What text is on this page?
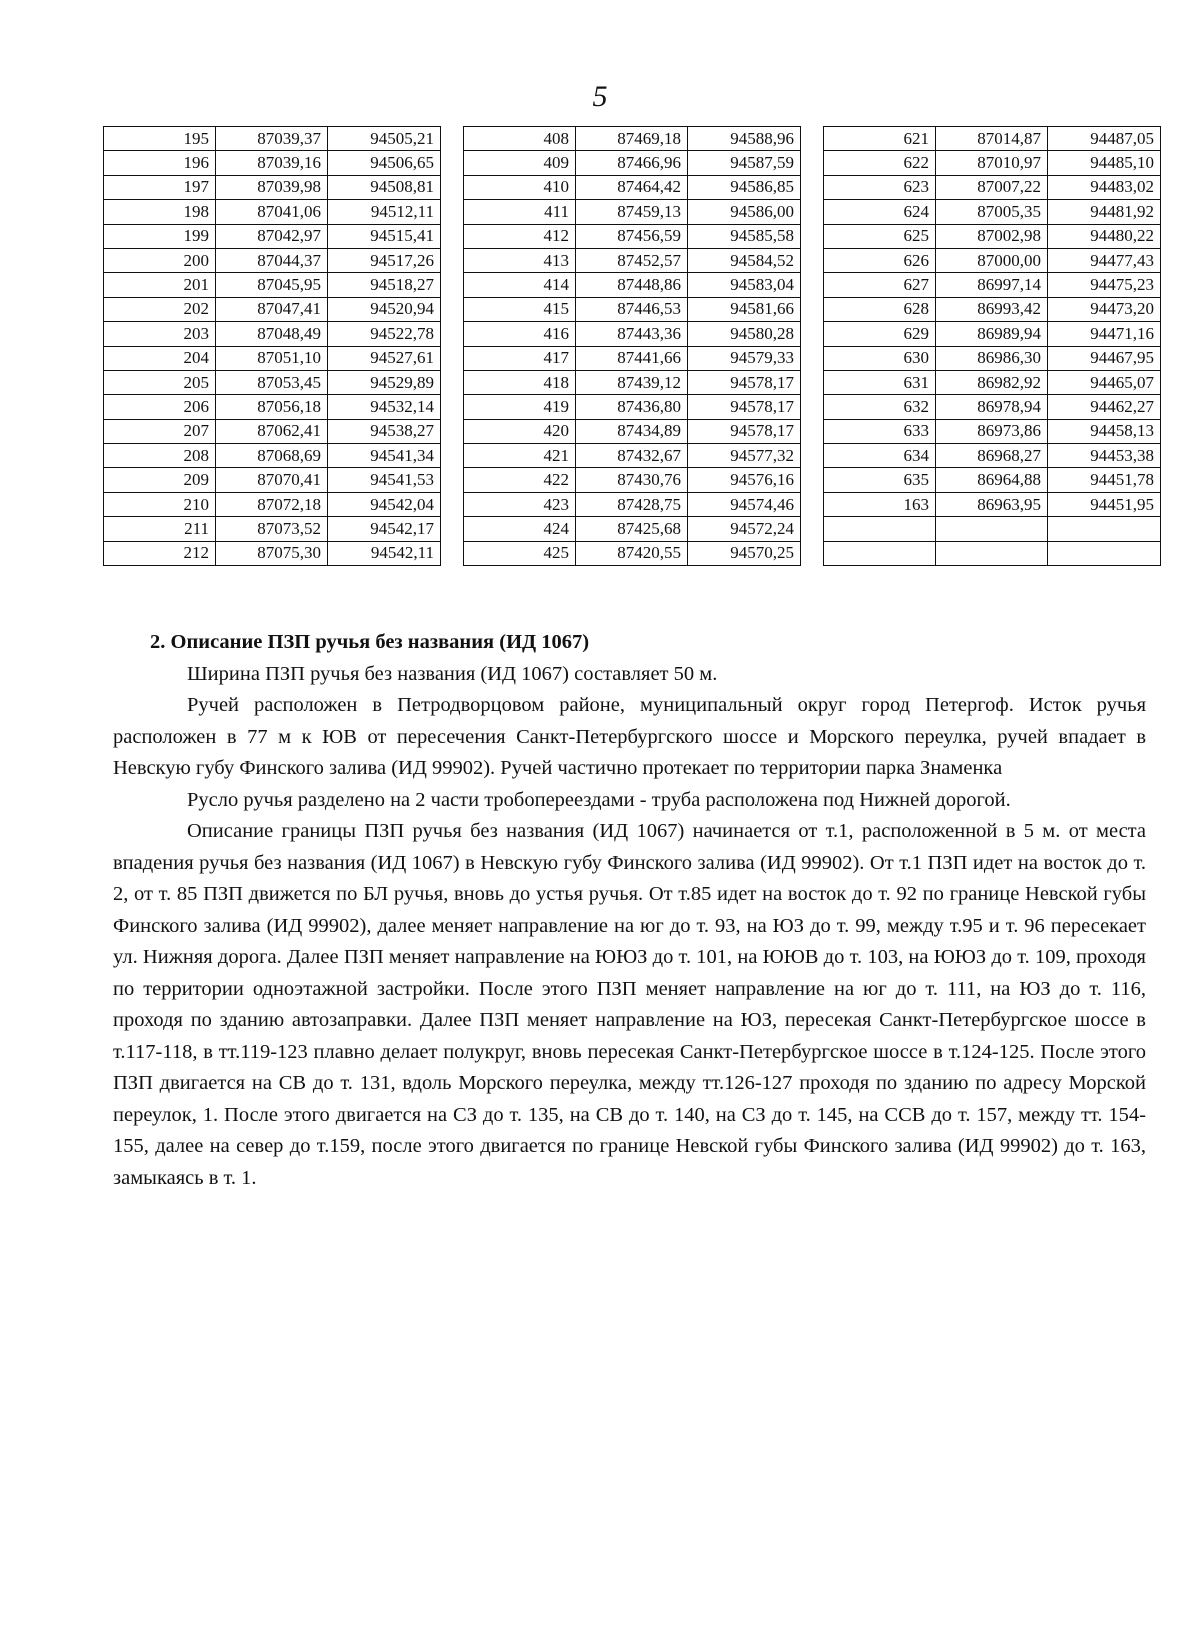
5
195	87039,37	94505,21
196	87039,16	94506,65
197	87039,98	94508,81
198	87041,06	94512,11
199	87042,97	94515,41
200	87044,37	94517,26
201	87045,95	94518,27
202	87047,41	94520,94
203	87048,49	94522,78
204	87051,10	94527,61
205	87053,45	94529,89
206	87056,18	94532,14
207	87062,41	94538,27
208	87068,69	94541,34
209	87070,41	94541,53
210	87072,18	94542,04
211	87073,52	94542,17
212	87075,30	94542,11
408	87469,18	94588,96
409	87466,96	94587,59
410	87464,42	94586,85
411	87459,13	94586,00
412	87456,59	94585,58
413	87452,57	94584,52
414	87448,86	94583,04
415	87446,53	94581,66
416	87443,36	94580,28
417	87441,66	94579,33
418	87439,12	94578,17
419	87436,80	94578,17
420	87434,89	94578,17
421	87432,67	94577,32
422	87430,76	94576,16
423	87428,75	94574,46
424	87425,68	94572,24
425	87420,55	94570,25
621	87014,87	94487,05
622	87010,97	94485,10
623	87007,22	94483,02
624	87005,35	94481,92
625	87002,98	94480,22
626	87000,00	94477,43
627	86997,14	94475,23
628	86993,42	94473,20
629	86989,94	94471,16
630	86986,30	94467,95
631	86982,92	94465,07
632	86978,94	94462,27
633	86973,86	94458,13
634	86968,27	94453,38
635	86964,88	94451,78
163	86963,95	94451,95

2. Описание ПЗП ручья без названия (ИД 1067)

Ширина ПЗП ручья без названия (ИД 1067) составляет 50 м.

Ручей расположен в Петродворцовом районе, муниципальный округ город Петергоф. Исток ручья расположен в 77 м к ЮВ от пересечения Санкт-Петербургского шоссе и Морского переулка, ручей впадает в Невскую губу Финского залива (ИД 99902). Ручей частично протекает по территории парка Знаменка

Русло ручья разделено на 2 части тробопереездами - труба расположена под Нижней дорогой.

Описание границы ПЗП ручья без названия (ИД 1067) начинается от т.1, расположенной в 5 м. от места впадения ручья без названия (ИД 1067) в Невскую губу Финского залива (ИД 99902). От т.1 ПЗП идет на восток до т. 2, от т. 85 ПЗП движется по БЛ ручья, вновь до устья ручья. От т.85 идет на восток до т. 92 по границе Невской губы Финского залива (ИД 99902), далее меняет направление на юг до т. 93, на ЮЗ до т. 99, между т.95 и т. 96 пересекает ул. Нижняя дорога. Далее ПЗП меняет направление на ЮЮЗ до т. 101, на ЮЮВ до т. 103, на ЮЮЗ до т. 109, проходя по территории одноэтажной застройки. После этого ПЗП меняет направление на юг до т. 111, на ЮЗ до т. 116, проходя по зданию автозаправки. Далее ПЗП меняет направление на ЮЗ, пересекая Санкт-Петербургское шоссе в т.117-118, в тт.119-123 плавно делает полукруг, вновь пересекая Санкт-Петербургское шоссе в т.124-125. После этого ПЗП двигается на СВ до т. 131, вдоль Морского переулка, между тт.126-127 проходя по зданию по адресу Морской переулок, 1. После этого двигается на СЗ до т. 135, на СВ до т. 140, на СЗ до т. 145, на ССВ до т. 157, между тт. 154-155, далее на север до т.159, после этого двигается по границе Невской губы Финского залива (ИД 99902) до т. 163, замыкаясь в т. 1.
